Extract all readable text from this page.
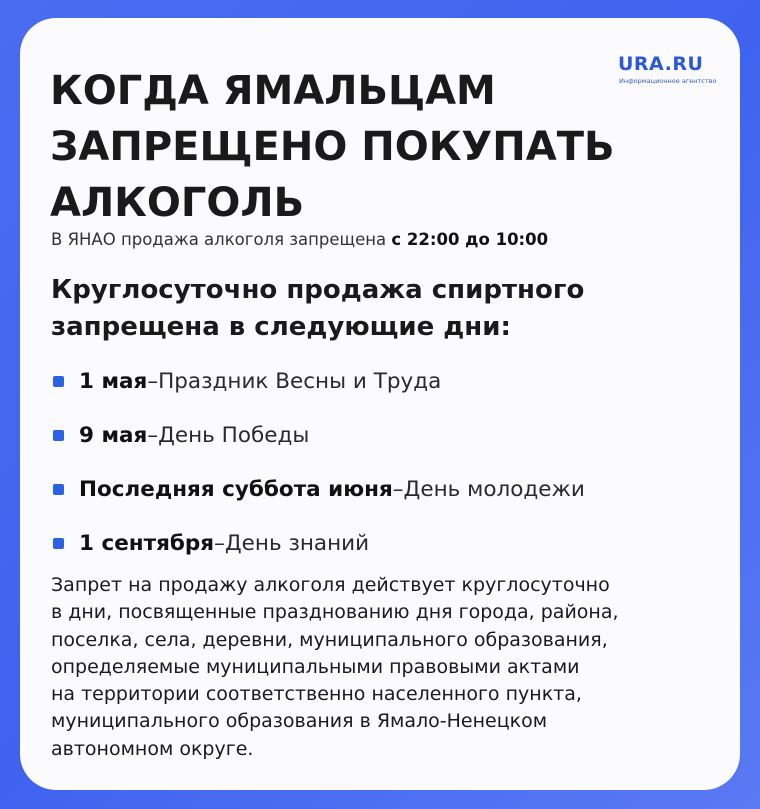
URA.RU
Информационное агентство
КОГДА ЯМАЛЬЦАМ
ЗАПРЕЩЕНО ПОКУПАТЬ
АЛКОГОЛЬ
В ЯНАО продажа алкоголя запрещена с 22:00 до 10:00
Круглосуточно продажа спиртного
запрещена в следующие дни:
1 мая – Праздник Весны и Труда
9 мая – День Победы
Последняя суббота июня – День молодежи
1 сентября – День знаний
Запрет на продажу алкоголя действует круглосуточно
в дни, посвященные празднованию дня города, района,
поселка, села, деревни, муниципального образования,
определяемые муниципальными правовыми актами
на территории соответственно населенного пункта,
муниципального образования в Ямало-Ненецком
автономном округе.
